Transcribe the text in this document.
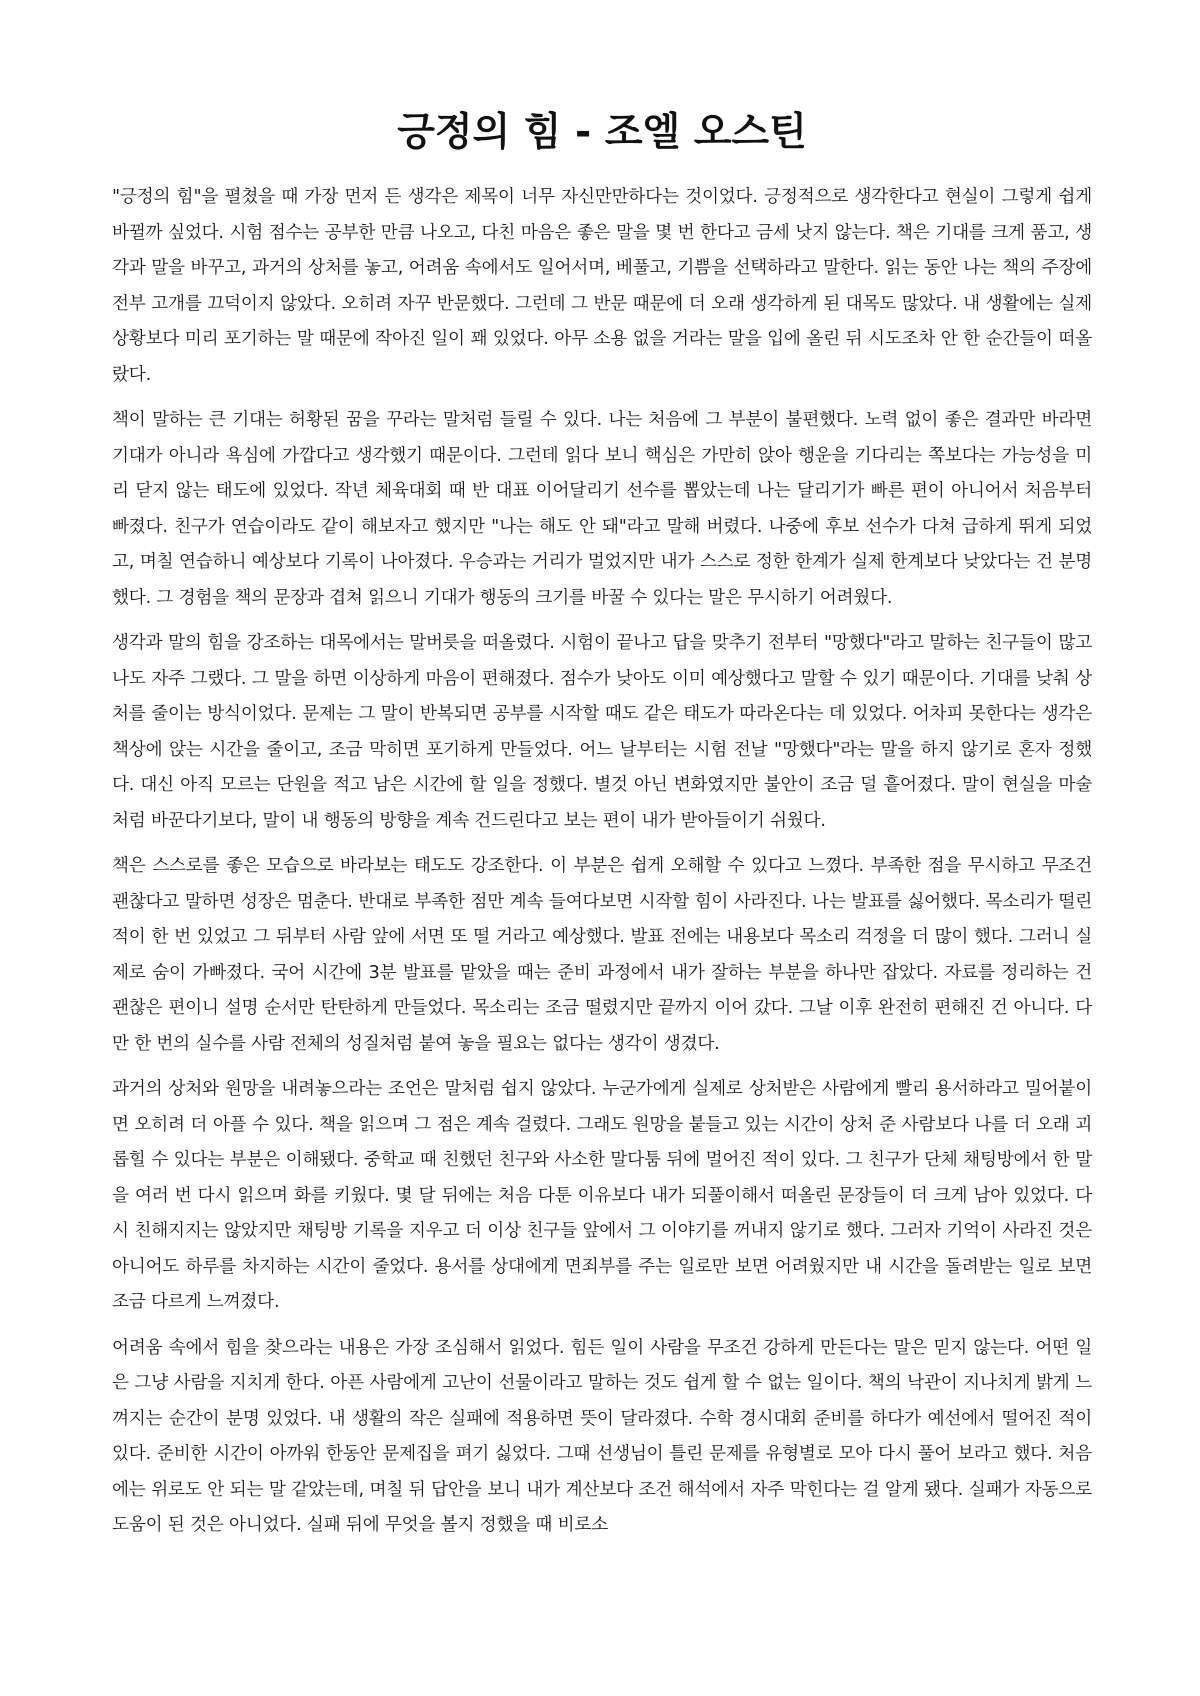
긍정의 힘 - 조엘 오스틴

"긍정의 힘"을 펼쳤을 때 가장 먼저 든 생각은 제목이 너무 자신만만하다는 것이었다. 긍정적으로 생각한다고 현실이 그렇게 쉽게 바뀔까 싶었다. 시험 점수는 공부한 만큼 나오고, 다친 마음은 좋은 말을 몇 번 한다고 금세 낫지 않는다. 책은 기대를 크게 품고, 생각과 말을 바꾸고, 과거의 상처를 놓고, 어려움 속에서도 일어서며, 베풀고, 기쁨을 선택하라고 말한다. 읽는 동안 나는 책의 주장에 전부 고개를 끄덕이지 않았다. 오히려 자꾸 반문했다. 그런데 그 반문 때문에 더 오래 생각하게 된 대목도 많았다. 내 생활에는 실제 상황보다 미리 포기하는 말 때문에 작아진 일이 꽤 있었다. 아무 소용 없을 거라는 말을 입에 올린 뒤 시도조차 안 한 순간들이 떠올랐다.

책이 말하는 큰 기대는 허황된 꿈을 꾸라는 말처럼 들릴 수 있다. 나는 처음에 그 부분이 불편했다. 노력 없이 좋은 결과만 바라면 기대가 아니라 욕심에 가깝다고 생각했기 때문이다. 그런데 읽다 보니 핵심은 가만히 앉아 행운을 기다리는 쪽보다는 가능성을 미리 닫지 않는 태도에 있었다. 작년 체육대회 때 반 대표 이어달리기 선수를 뽑았는데 나는 달리기가 빠른 편이 아니어서 처음부터 빠졌다. 친구가 연습이라도 같이 해보자고 했지만 "나는 해도 안 돼"라고 말해 버렸다. 나중에 후보 선수가 다쳐 급하게 뛰게 되었고, 며칠 연습하니 예상보다 기록이 나아졌다. 우승과는 거리가 멀었지만 내가 스스로 정한 한계가 실제 한계보다 낮았다는 건 분명했다. 그 경험을 책의 문장과 겹쳐 읽으니 기대가 행동의 크기를 바꿀 수 있다는 말은 무시하기 어려웠다.

생각과 말의 힘을 강조하는 대목에서는 말버릇을 떠올렸다. 시험이 끝나고 답을 맞추기 전부터 "망했다"라고 말하는 친구들이 많고 나도 자주 그랬다. 그 말을 하면 이상하게 마음이 편해졌다. 점수가 낮아도 이미 예상했다고 말할 수 있기 때문이다. 기대를 낮춰 상처를 줄이는 방식이었다. 문제는 그 말이 반복되면 공부를 시작할 때도 같은 태도가 따라온다는 데 있었다. 어차피 못한다는 생각은 책상에 앉는 시간을 줄이고, 조금 막히면 포기하게 만들었다. 어느 날부터는 시험 전날 "망했다"라는 말을 하지 않기로 혼자 정했다. 대신 아직 모르는 단원을 적고 남은 시간에 할 일을 정했다. 별것 아닌 변화였지만 불안이 조금 덜 흩어졌다. 말이 현실을 마술처럼 바꾼다기보다, 말이 내 행동의 방향을 계속 건드린다고 보는 편이 내가 받아들이기 쉬웠다.

책은 스스로를 좋은 모습으로 바라보는 태도도 강조한다. 이 부분은 쉽게 오해할 수 있다고 느꼈다. 부족한 점을 무시하고 무조건 괜찮다고 말하면 성장은 멈춘다. 반대로 부족한 점만 계속 들여다보면 시작할 힘이 사라진다. 나는 발표를 싫어했다. 목소리가 떨린 적이 한 번 있었고 그 뒤부터 사람 앞에 서면 또 떨 거라고 예상했다. 발표 전에는 내용보다 목소리 걱정을 더 많이 했다. 그러니 실제로 숨이 가빠졌다. 국어 시간에 3분 발표를 맡았을 때는 준비 과정에서 내가 잘하는 부분을 하나만 잡았다. 자료를 정리하는 건 괜찮은 편이니 설명 순서만 탄탄하게 만들었다. 목소리는 조금 떨렸지만 끝까지 이어 갔다. 그날 이후 완전히 편해진 건 아니다. 다만 한 번의 실수를 사람 전체의 성질처럼 붙여 놓을 필요는 없다는 생각이 생겼다.

과거의 상처와 원망을 내려놓으라는 조언은 말처럼 쉽지 않았다. 누군가에게 실제로 상처받은 사람에게 빨리 용서하라고 밀어붙이면 오히려 더 아플 수 있다. 책을 읽으며 그 점은 계속 걸렸다. 그래도 원망을 붙들고 있는 시간이 상처 준 사람보다 나를 더 오래 괴롭힐 수 있다는 부분은 이해됐다. 중학교 때 친했던 친구와 사소한 말다툼 뒤에 멀어진 적이 있다. 그 친구가 단체 채팅방에서 한 말을 여러 번 다시 읽으며 화를 키웠다. 몇 달 뒤에는 처음 다툰 이유보다 내가 되풀이해서 떠올린 문장들이 더 크게 남아 있었다. 다시 친해지지는 않았지만 채팅방 기록을 지우고 더 이상 친구들 앞에서 그 이야기를 꺼내지 않기로 했다. 그러자 기억이 사라진 것은 아니어도 하루를 차지하는 시간이 줄었다. 용서를 상대에게 면죄부를 주는 일로만 보면 어려웠지만 내 시간을 돌려받는 일로 보면 조금 다르게 느껴졌다.

어려움 속에서 힘을 찾으라는 내용은 가장 조심해서 읽었다. 힘든 일이 사람을 무조건 강하게 만든다는 말은 믿지 않는다. 어떤 일은 그냥 사람을 지치게 한다. 아픈 사람에게 고난이 선물이라고 말하는 것도 쉽게 할 수 없는 일이다. 책의 낙관이 지나치게 밝게 느껴지는 순간이 분명 있었다. 내 생활의 작은 실패에 적용하면 뜻이 달라졌다. 수학 경시대회 준비를 하다가 예선에서 떨어진 적이 있다. 준비한 시간이 아까워 한동안 문제집을 펴기 싫었다. 그때 선생님이 틀린 문제를 유형별로 모아 다시 풀어 보라고 했다. 처음에는 위로도 안 되는 말 같았는데, 며칠 뒤 답안을 보니 내가 계산보다 조건 해석에서 자주 막힌다는 걸 알게 됐다. 실패가 자동으로 도움이 된 것은 아니었다. 실패 뒤에 무엇을 볼지 정했을 때 비로소
